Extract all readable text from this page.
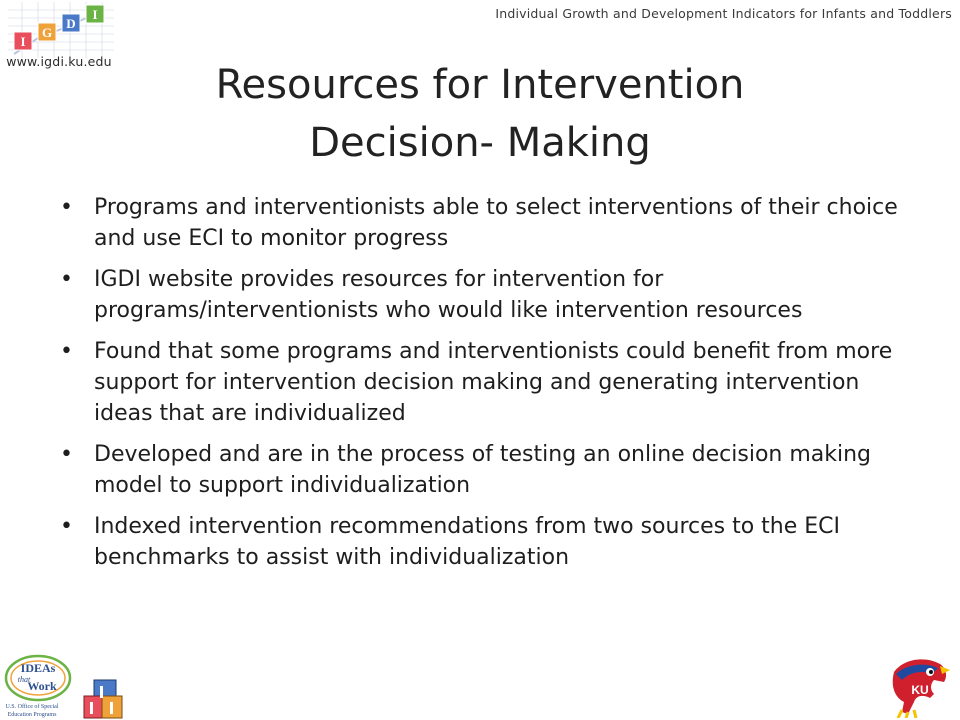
I
G
D
I
www.igdi.ku.edu
Individual Growth and Development Indicators for Infants and Toddlers
Resources for Intervention
Decision- Making
• Programs and interventionists able to select interventions of their choice and use ECI to monitor progress
• IGDI website provides resources for intervention for programs/interventionists who would like intervention resources
• Found that some programs and interventionists could benefit from more support for intervention decision making and generating intervention ideas that are individualized
• Developed and are in the process of testing an online decision making model to support individualization
• Indexed intervention recommendations from two sources to the ECI benchmarks to assist with individualization
IDEAs
that
Work
U.S. Office of Special
Education Programs
KU
